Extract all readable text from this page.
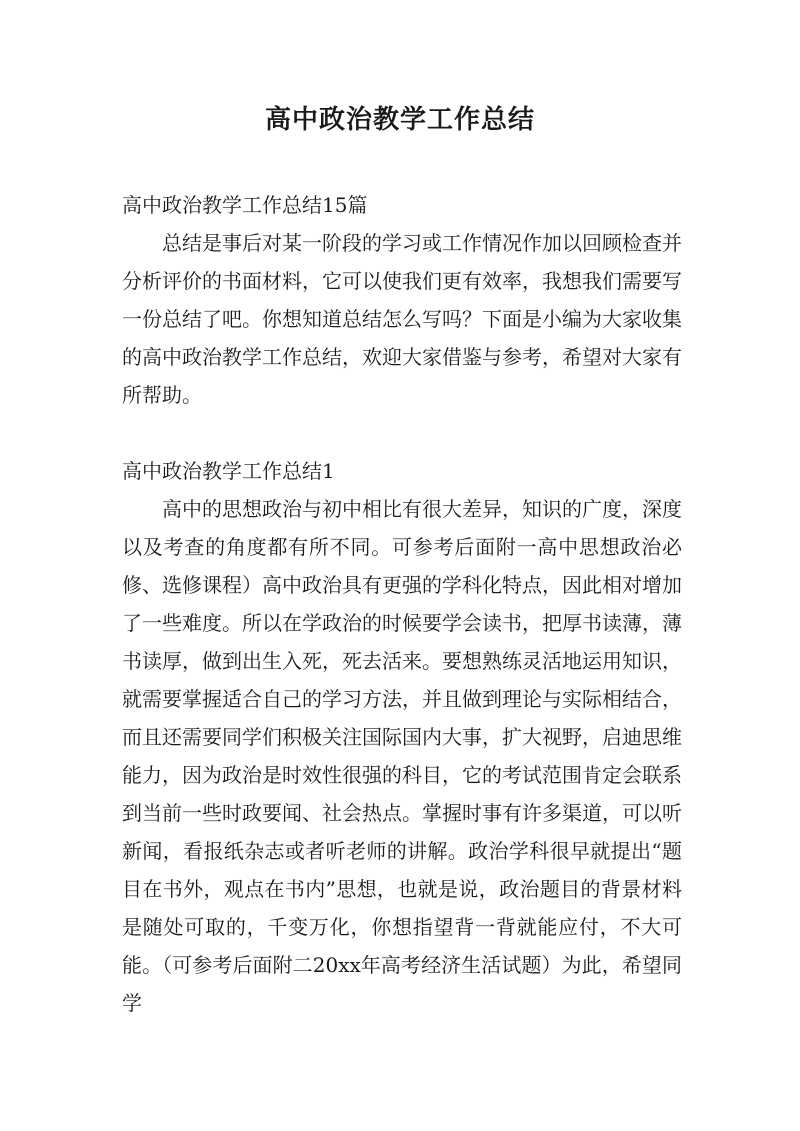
高中政治教学工作总结

高中政治教学工作总结15篇

总结是事后对某一阶段的学习或工作情况作加以回顾检查并分析评价的书面材料，它可以使我们更有效率，我想我们需要写一份总结了吧。你想知道总结怎么写吗？下面是小编为大家收集的高中政治教学工作总结，欢迎大家借鉴与参考，希望对大家有所帮助。

高中政治教学工作总结1

高中的思想政治与初中相比有很大差异，知识的广度，深度以及考查的角度都有所不同。可参考后面附一高中思想政治必修、选修课程）高中政治具有更强的学科化特点，因此相对增加了一些难度。所以在学政治的时候要学会读书，把厚书读薄，薄书读厚，做到出生入死，死去活来。要想熟练灵活地运用知识，就需要掌握适合自己的学习方法，并且做到理论与实际相结合，而且还需要同学们积极关注国际国内大事，扩大视野，启迪思维能力，因为政治是时效性很强的科目，它的考试范围肯定会联系到当前一些时政要闻、社会热点。掌握时事有许多渠道，可以听新闻，看报纸杂志或者听老师的讲解。政治学科很早就提出“题目在书外，观点在书内”思想，也就是说，政治题目的背景材料是随处可取的，千变万化，你想指望背一背就能应付，不大可能。（可参考后面附二20xx年高考经济生活试题）为此，希望同学
